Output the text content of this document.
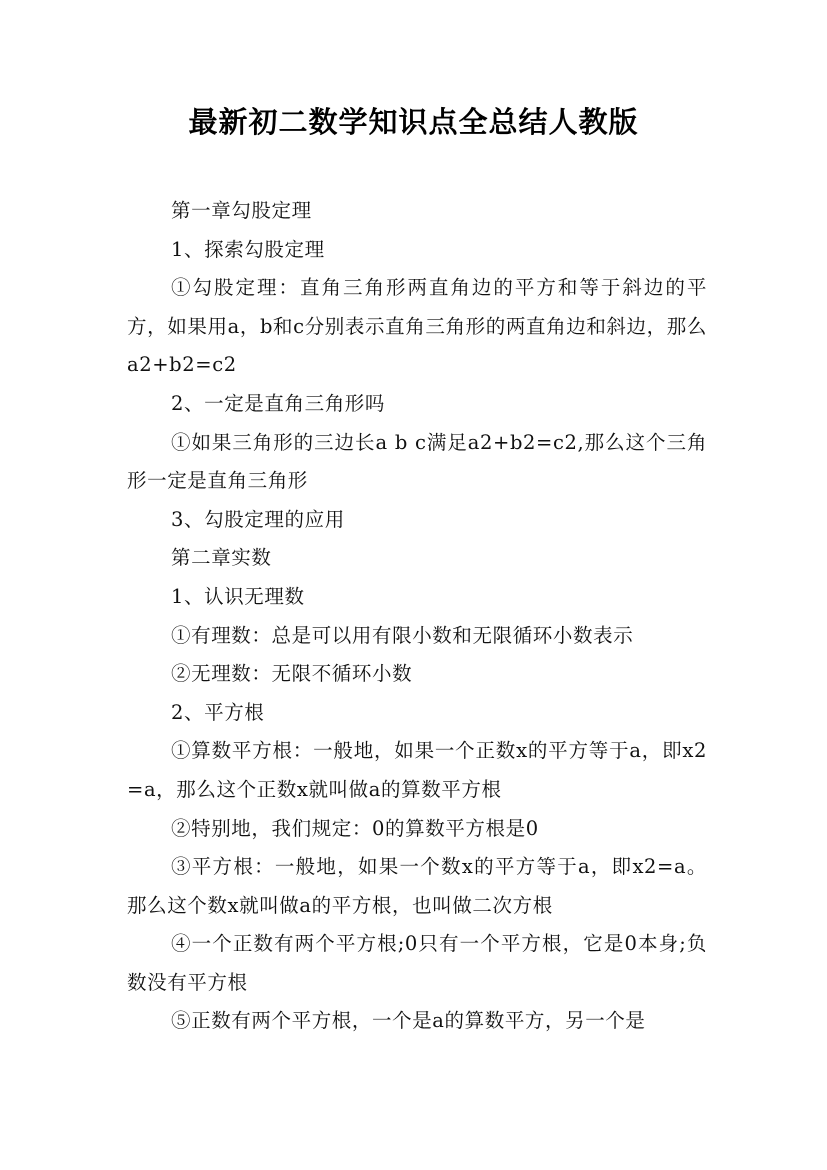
最新初二数学知识点全总结人教版

第一章勾股定理

1、探索勾股定理

①勾股定理：直角三角形两直角边的平方和等于斜边的平方，如果用a，b和c分别表示直角三角形的两直角边和斜边，那么a2+b2=c2

2、一定是直角三角形吗

①如果三角形的三边长a b c满足a2+b2=c2,那么这个三角形一定是直角三角形

3、勾股定理的应用

第二章实数

1、认识无理数

①有理数：总是可以用有限小数和无限循环小数表示

②无理数：无限不循环小数

2、平方根

①算数平方根：一般地，如果一个正数x的平方等于a，即x2=a，那么这个正数x就叫做a的算数平方根

②特别地，我们规定：0的算数平方根是0

③平方根：一般地，如果一个数x的平方等于a，即x2=a。那么这个数x就叫做a的平方根，也叫做二次方根

④一个正数有两个平方根;0只有一个平方根，它是0本身;负数没有平方根

⑤正数有两个平方根，一个是a的算数平方，另一个是
